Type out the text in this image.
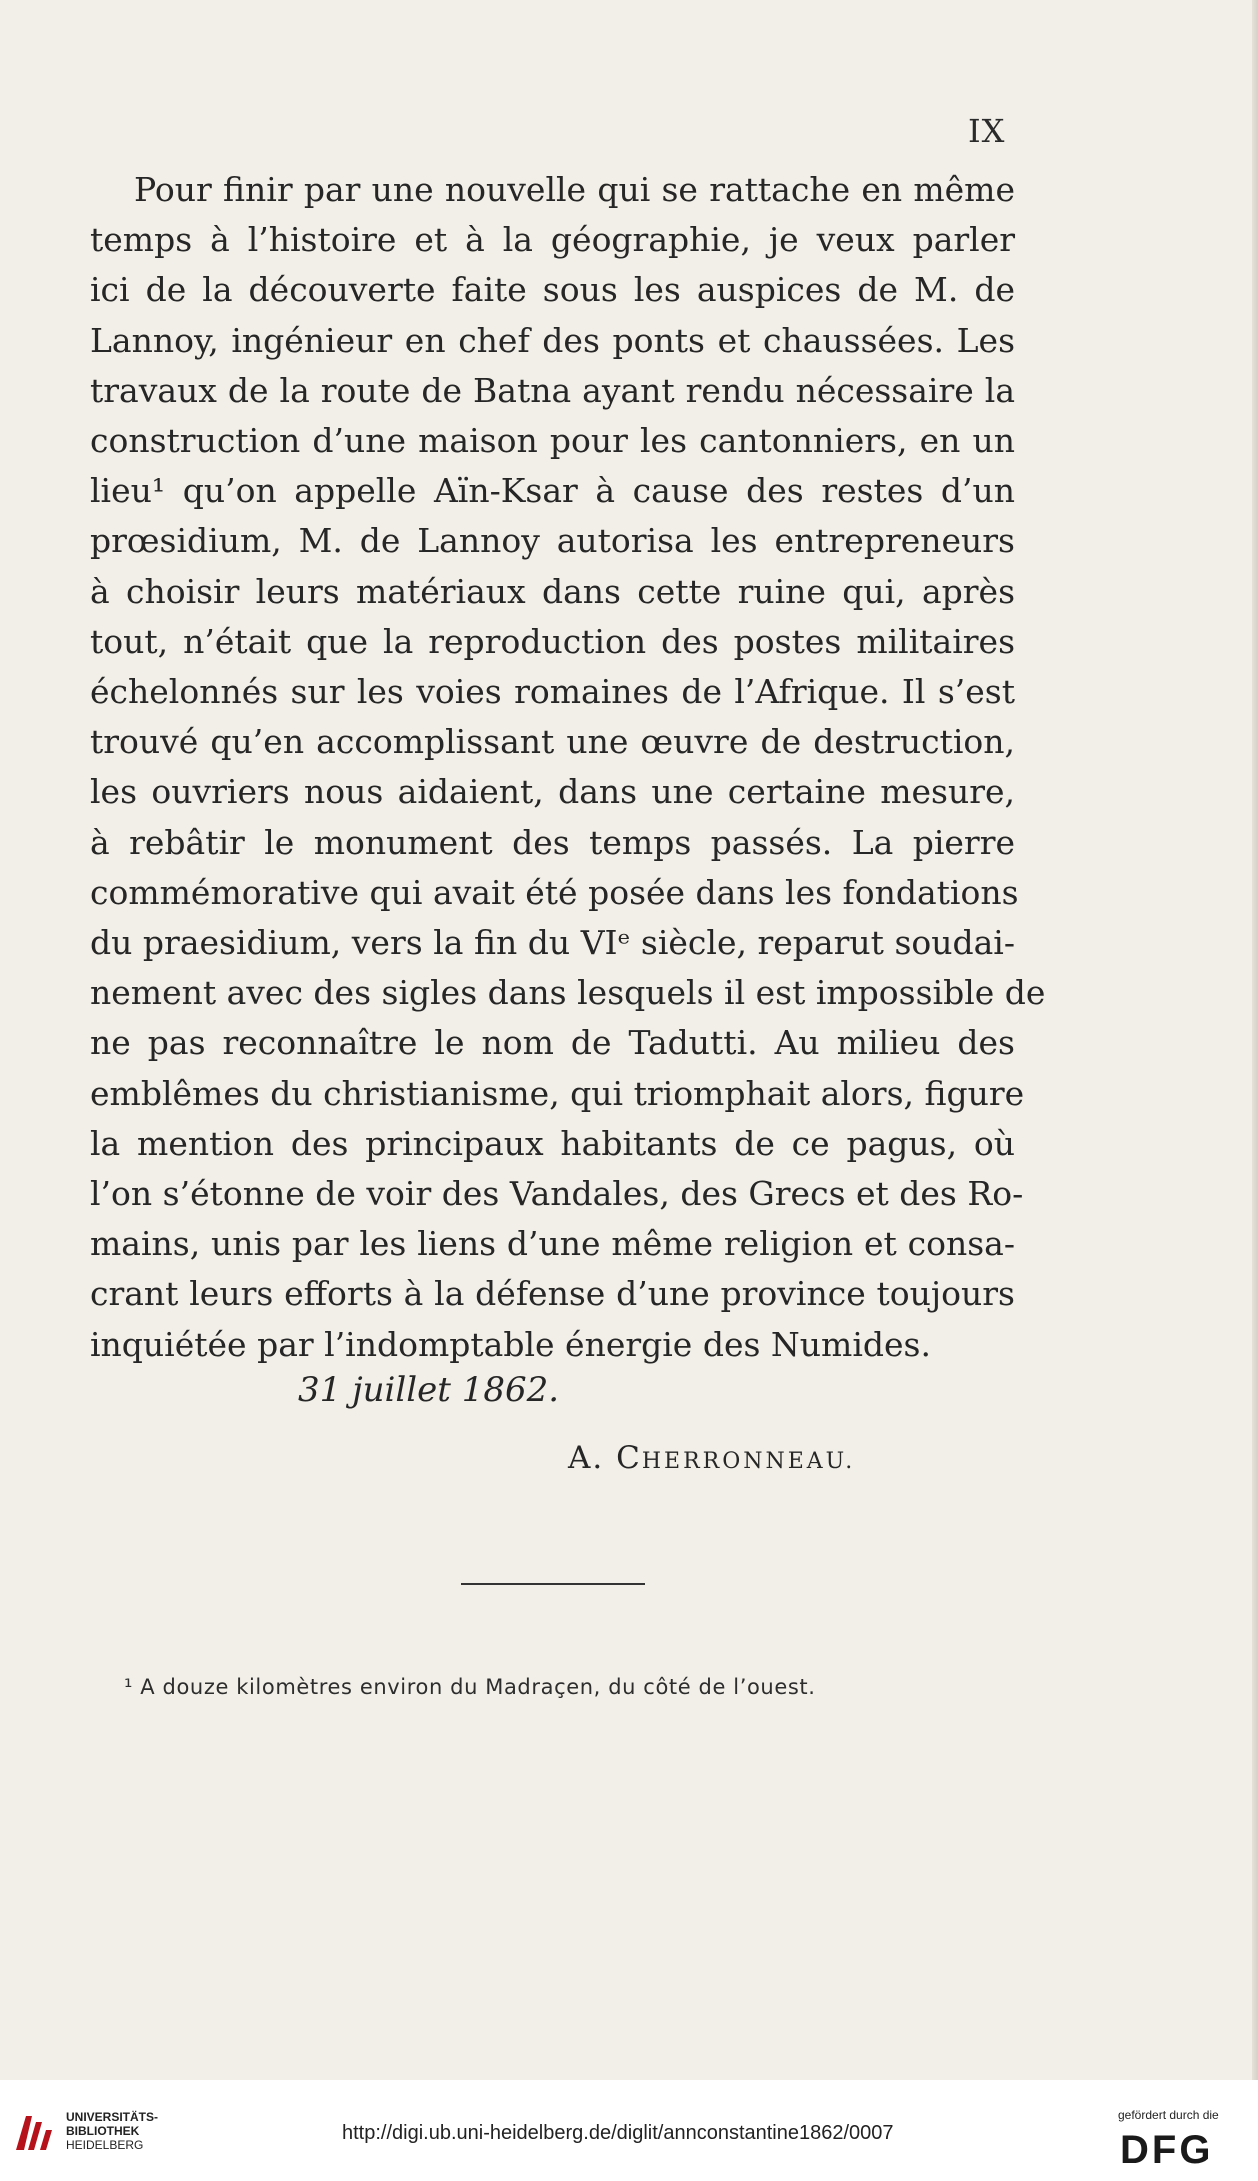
IX
Pour finir par une nouvelle qui se rattache en même
temps à l’histoire et à la géographie, je veux parler
ici de la découverte faite sous les auspices de M. de
Lannoy, ingénieur en chef des ponts et chaussées. Les
travaux de la route de Batna ayant rendu nécessaire la
construction d’une maison pour les cantonniers, en un
lieu¹ qu’on appelle Aïn-Ksar à cause des restes d’un
prœsidium, M. de Lannoy autorisa les entrepreneurs
à choisir leurs matériaux dans cette ruine qui, après
tout, n’était que la reproduction des postes militaires
échelonnés sur les voies romaines de l’Afrique. Il s’est
trouvé qu’en accomplissant une œuvre de destruction,
les ouvriers nous aidaient, dans une certaine mesure,
à rebâtir le monument des temps passés. La pierre
commémorative qui avait été posée dans les fondations
du praesidium, vers la fin du VIᵉ siècle, reparut soudai-
nement avec des sigles dans lesquels il est impossible de
ne pas reconnaître le nom de Tadutti. Au milieu des
emblêmes du christianisme, qui triomphait alors, figure
la mention des principaux habitants de ce pagus, où
l’on s’étonne de voir des Vandales, des Grecs et des Ro-
mains, unis par les liens d’une même religion et consa-
crant leurs efforts à la défense d’une province toujours
inquiétée par l’indomptable énergie des Numides.
31 juillet 1862.
A. CHERRONNEAU.
¹ A douze kilomètres environ du Madraçen, du côté de l’ouest.
UNIVERSITÄTS-
BIBLIOTHEK
HEIDELBERG
http://digi.ub.uni-heidelberg.de/diglit/annconstantine1862/0007
gefördert durch die
DFG
